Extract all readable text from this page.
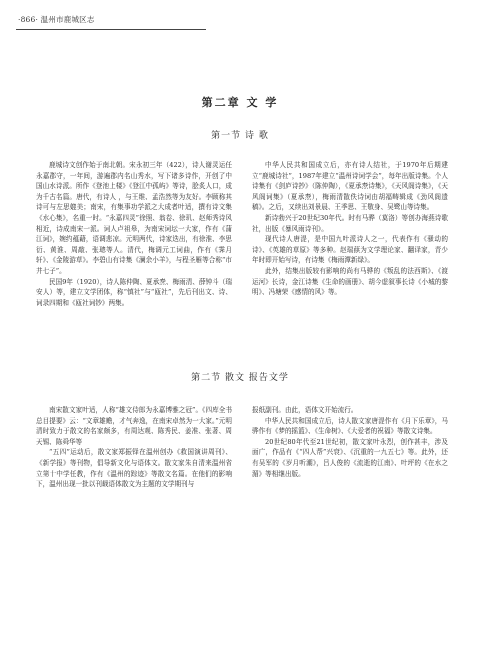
·866· 温州市鹿城区志
第二章 文 学
第一节 诗 歌

鹿城诗文创作始于南北朝。宋永初三年（422），诗人谢灵运任永嘉郡守，一年间，游遍郡内名山秀水，写下诸多诗作，开创了中国山水诗派。所作《登池上楼》《登江中孤屿》等诗，脍炙人口，成为千古名篇。唐代，有诗人 ，与王维、孟浩然等为友好。李顾称其诗可与左思媲美；南宋，有集事功学派之大成者叶适，撰有诗文集《水心集》，名重一时。“永嘉四灵”徐照、翁卷、徐玑、赵师秀诗风相近，诗成南宋一派。词人卢祖皋，为南宋词坛一大家，作有《蒲江词》，婉约蕴藉，语调悲凉。元明两代，诗家迭出，有徐淮、李思衍、黄淮、周敲、张璁等人。清代，梅调元工词曲，作有《霁月轩》、《金陵游草》。李碧山有诗集《澜余小羊》，与程圣雁等合称“市井七子”。

民国9年（1920），诗人陈仲陶、夏承焘、梅雨清、薛钟斗（瑞安人）等，建立文学团体，称“慎社”与“瓯社”，先后刊出文、诗、词录四期和《瓯社词钞》两集。

中华人民共和国成立后，亦有诗人结社，于1970年后期建立“鹿城诗社”，1987年建立“温州诗词学会”，每年出版诗集。个人诗集有《剑庐诗抄》（陈仲陶），《夏承焘诗集》，《天风阁诗集》，《天风阁词集》（夏承焘），梅雨清散佚诗词由胡福畴辑成《劲风阁遗稿》。之后，又续出刘景晨、王季思、王敬身、吴鹭山等诗集。

新诗勃兴于20世纪30年代。时有马骅（莫洛）等创办海燕诗歌社，出版《暴风雨诗刊》。

现代诗人唐湜，是中国九叶派诗人之一，代表作有《骚动的诗》、《英雄的草原》等多种。赵瑞蕻为文学理论家、翻译家，青少年时即开始写诗，有诗集《梅雨潭新绿》。

此外，结集出版较有影响的尚有马骅的《叛乱的法西斯》、《渡运河》长诗，金江诗集《生命的画册》、胡今虚叙事长诗《小城的黎明》、冯塘荣《感情的风》等。

第二节 散文 报告文学

南宋散文家叶适，人称“雄文侍郎为永嘉博雅之冠”。《四库全书总目提要》云：“文章雄赡，才气奔逸，在南宋卓然为一大家。”元明清时致力于散文的名家颇多，有周达观、陈秀民、姜准、张著、周天锡、陈舜华等

“五四”运动后，散文家郑振铎在温州创办《救国演讲周刊》、《新学报》等刊物，倡导新文化与语体文。散文家朱自清来温州省立第十中学任教，作有《温州的踪迹》等散文名篇。在他们的影响下，温州出现一批以刊载语体散文为主题的文学期刊与

报纸副刊。由此，语体文开始流行。

中华人民共和国成立后，诗人散文家唐湜作有《月下乐章》，马骅作有《梦的摇篮》、《生命树》、《大爱者的祝福》等散文诗集。

20世纪80年代至21世纪初，散文家叶永烈，创作甚丰，涉及面广，作品有《“四人帮”兴衰》、《沉重的一九五七》等。此外，还有吴军的《岁月听潮》，吕人俊的《流逝的江南》、叶坪的《在水之湄》等相继出版。
